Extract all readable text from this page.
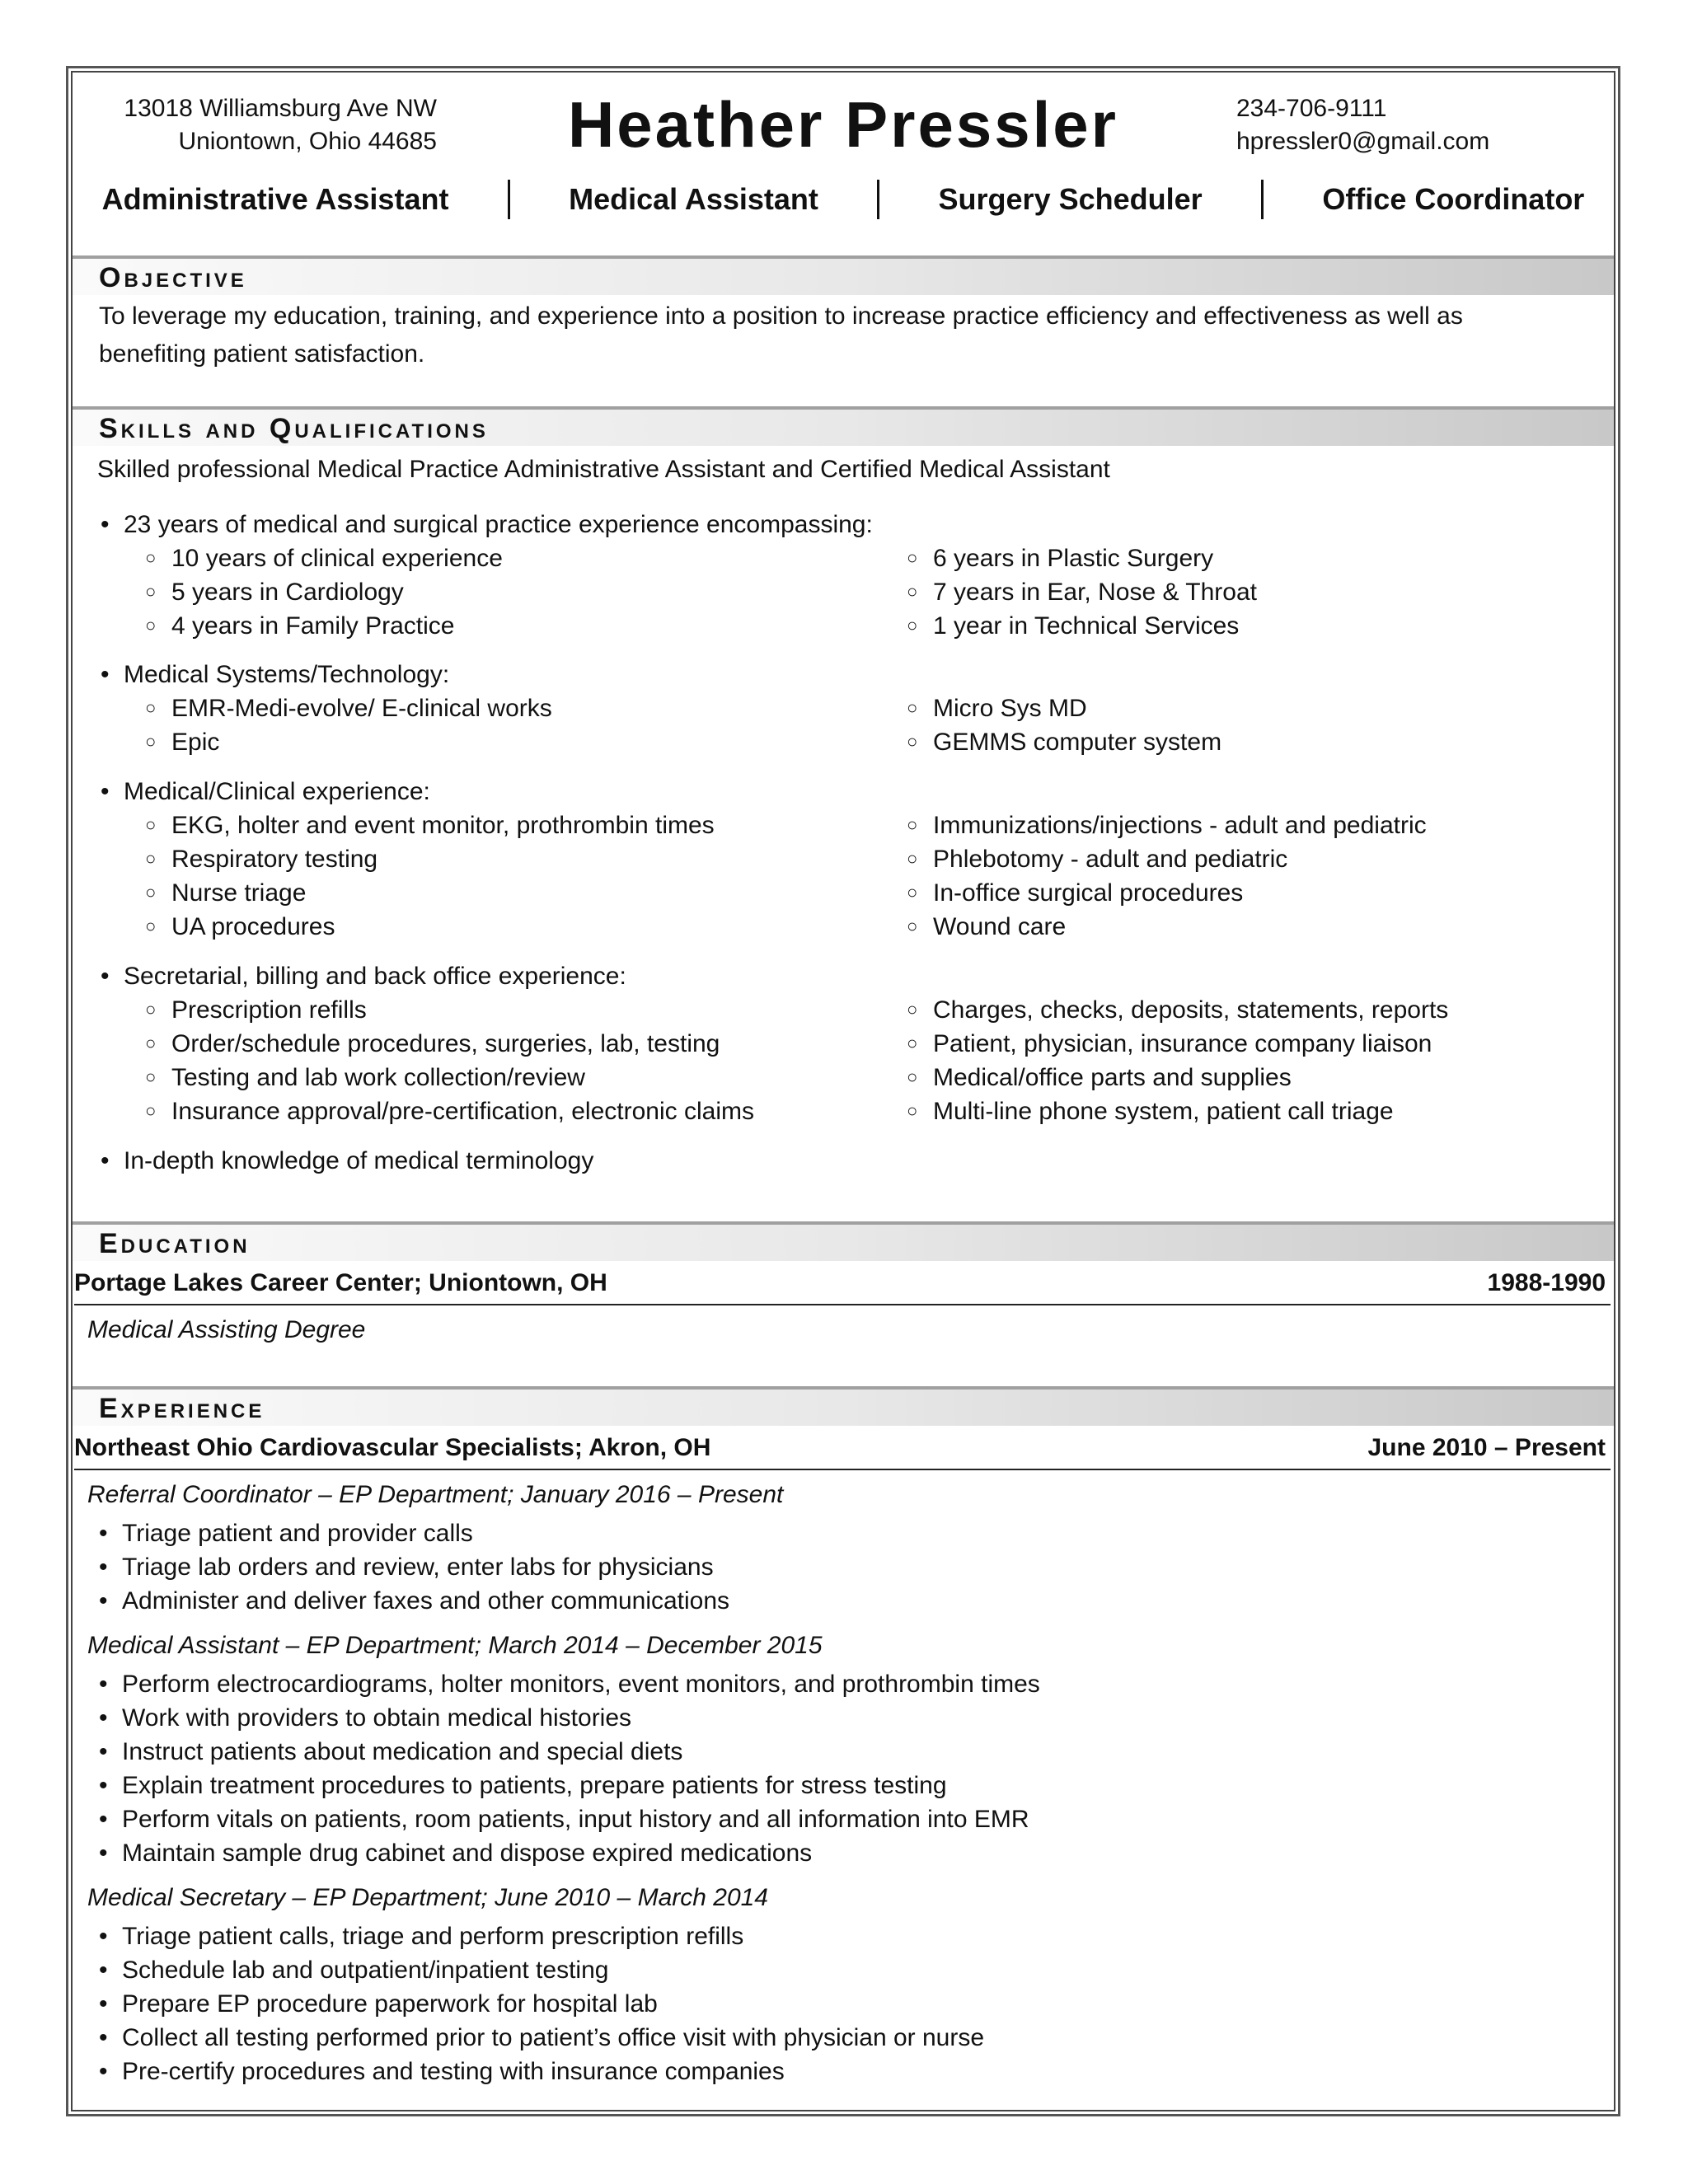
13018 Williamsburg Ave NW
Uniontown, Ohio 44685	Heather Pressler	234-706-9111
hpressler0@gmail.com
Administrative Assistant	Medical Assistant	Surgery Scheduler	Office Coordinator
Objective
To leverage my education, training, and experience into a position to increase practice efficiency and effectiveness as well as
benefiting patient satisfaction.
Skills and Qualifications
Skilled professional Medical Practice Administrative Assistant and Certified Medical Assistant
• 23 years of medical and surgical practice experience encompassing:
○ 10 years of clinical experience
○ 5 years in Cardiology
○ 4 years in Family Practice
○ 6 years in Plastic Surgery
○ 7 years in Ear, Nose & Throat
○ 1 year in Technical Services
• Medical Systems/Technology:
○ EMR-Medi-evolve/ E-clinical works
○ Epic
○ Micro Sys MD
○ GEMMS computer system
• Medical/Clinical experience:
○ EKG, holter and event monitor, prothrombin times
○ Respiratory testing
○ Nurse triage
○ UA procedures
○ Immunizations/injections - adult and pediatric
○ Phlebotomy - adult and pediatric
○ In-office surgical procedures
○ Wound care
• Secretarial, billing and back office experience:
○ Prescription refills
○ Order/schedule procedures, surgeries, lab, testing
○ Testing and lab work collection/review
○ Insurance approval/pre-certification, electronic claims
○ Charges, checks, deposits, statements, reports
○ Patient, physician, insurance company liaison
○ Medical/office parts and supplies
○ Multi-line phone system, patient call triage
• In-depth knowledge of medical terminology
Education
Portage Lakes Career Center; Uniontown, OH	1988-1990
Medical Assisting Degree
Experience
Northeast Ohio Cardiovascular Specialists; Akron, OH	June 2010 – Present
Referral Coordinator – EP Department; January 2016 – Present
• Triage patient and provider calls
• Triage lab orders and review, enter labs for physicians
• Administer and deliver faxes and other communications
Medical Assistant – EP Department; March 2014 – December 2015
• Perform electrocardiograms, holter monitors, event monitors, and prothrombin times
• Work with providers to obtain medical histories
• Instruct patients about medication and special diets
• Explain treatment procedures to patients, prepare patients for stress testing
• Perform vitals on patients, room patients, input history and all information into EMR
• Maintain sample drug cabinet and dispose expired medications
Medical Secretary – EP Department; June 2010 – March 2014
• Triage patient calls, triage and perform prescription refills
• Schedule lab and outpatient/inpatient testing
• Prepare EP procedure paperwork for hospital lab
• Collect all testing performed prior to patient’s office visit with physician or nurse
• Pre-certify procedures and testing with insurance companies
